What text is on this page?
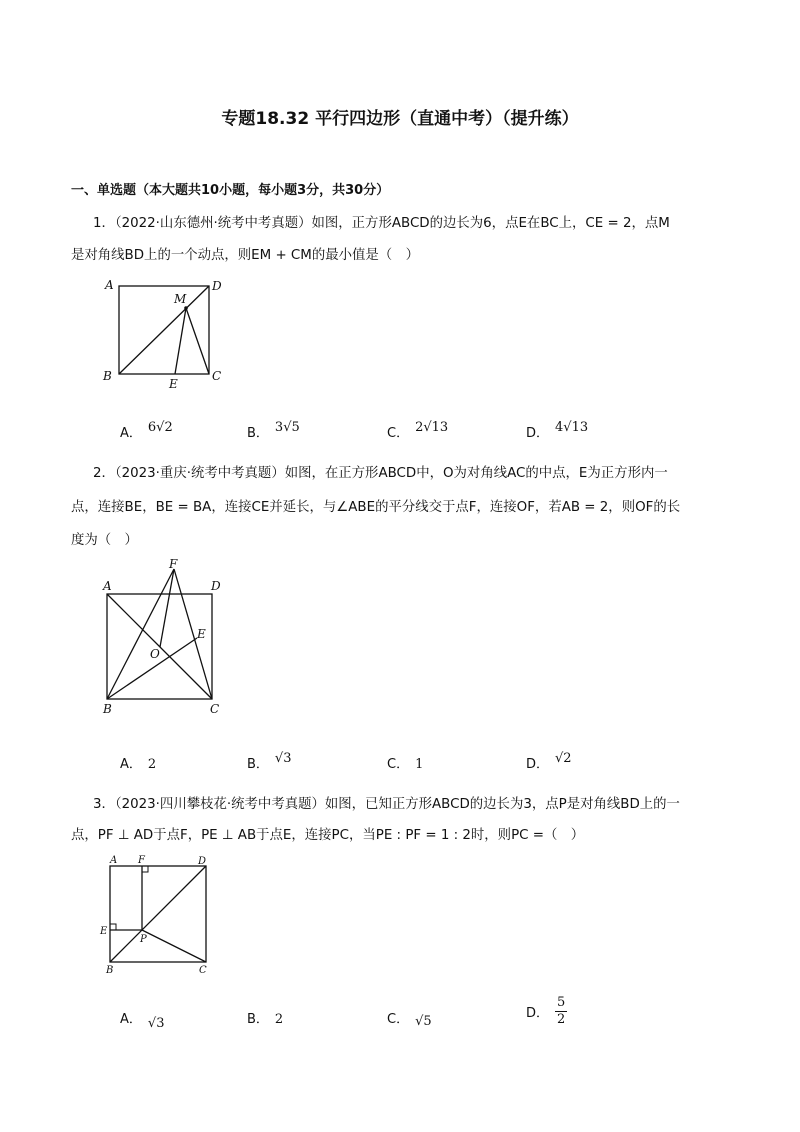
专题18.32 平行四边形（直通中考）（提升练）
一、单选题（本大题共10小题，每小题3分，共30分）
1．（2022·山东德州·统考中考真题）如图，正方形ABCD的边长为6，点E在BC上，CE = 2，点M
是对角线BD上的一个动点，则EM + CM的最小值是（　）
A	D
B	C
M
E
A． 6√2	B． 3√5	C． 2√13	D． 4√13
2．（2023·重庆·统考中考真题）如图，在正方形ABCD中，O为对角线AC的中点，E为正方形内一
点，连接BE，BE = BA，连接CE并延长，与∠ABE的平分线交于点F，连接OF，若AB = 2，则OF的长
度为（　）
F
A	D
E
O
B	C
A． 2	B． √3	C． 1	D． √2
3．（2023·四川攀枝花·统考中考真题）如图，已知正方形ABCD的边长为3，点P是对角线BD上的一
点，PF ⊥ AD于点F，PE ⊥ AB于点E，连接PC，当PE : PF = 1 : 2时，则PC =（　）
A F	D
E
P
B	C
A． √3	B． 2	C． √5
D． $\frac{5}{2}$
